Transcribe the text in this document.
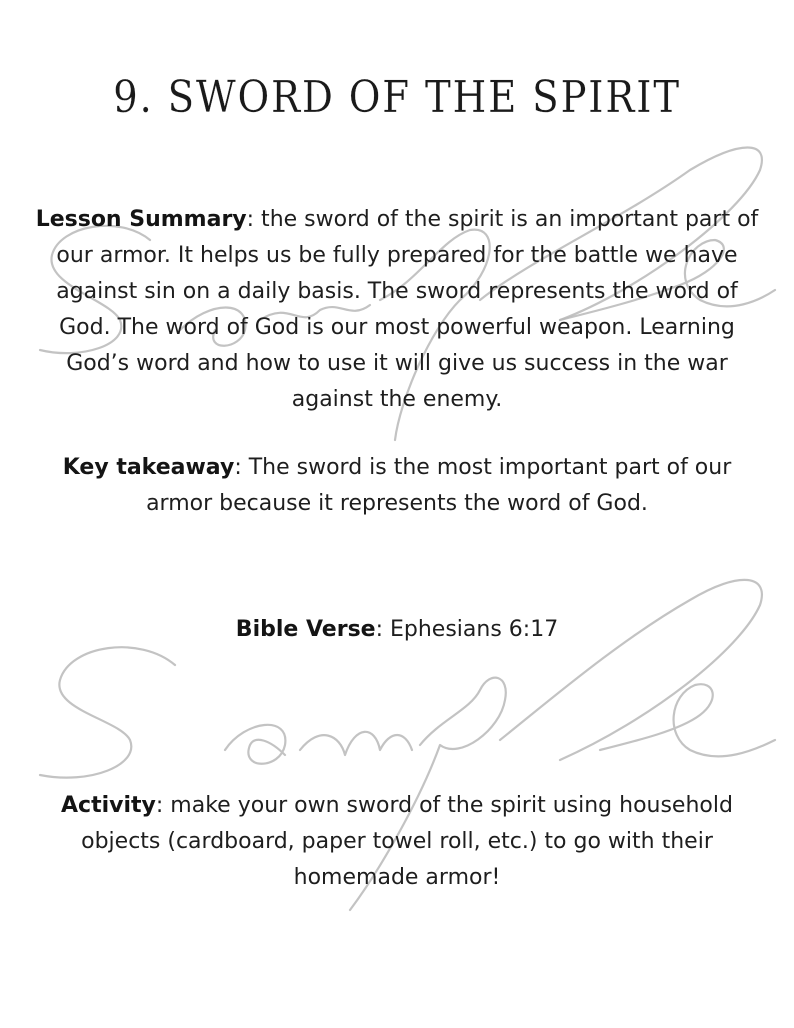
9. SWORD OF THE SPIRIT

Lesson Summary: the sword of the spirit is an important part of our armor. It helps us be fully prepared for the battle we have against sin on a daily basis. The sword represents the word of God. The word of God is our most powerful weapon. Learning God’s word and how to use it will give us success in the war against the enemy.

Key takeaway: The sword is the most important part of our armor because it represents the word of God.

Bible Verse: Ephesians 6:17

Activity: make your own sword of the spirit using household objects (cardboard, paper towel roll, etc.) to go with their homemade armor!
